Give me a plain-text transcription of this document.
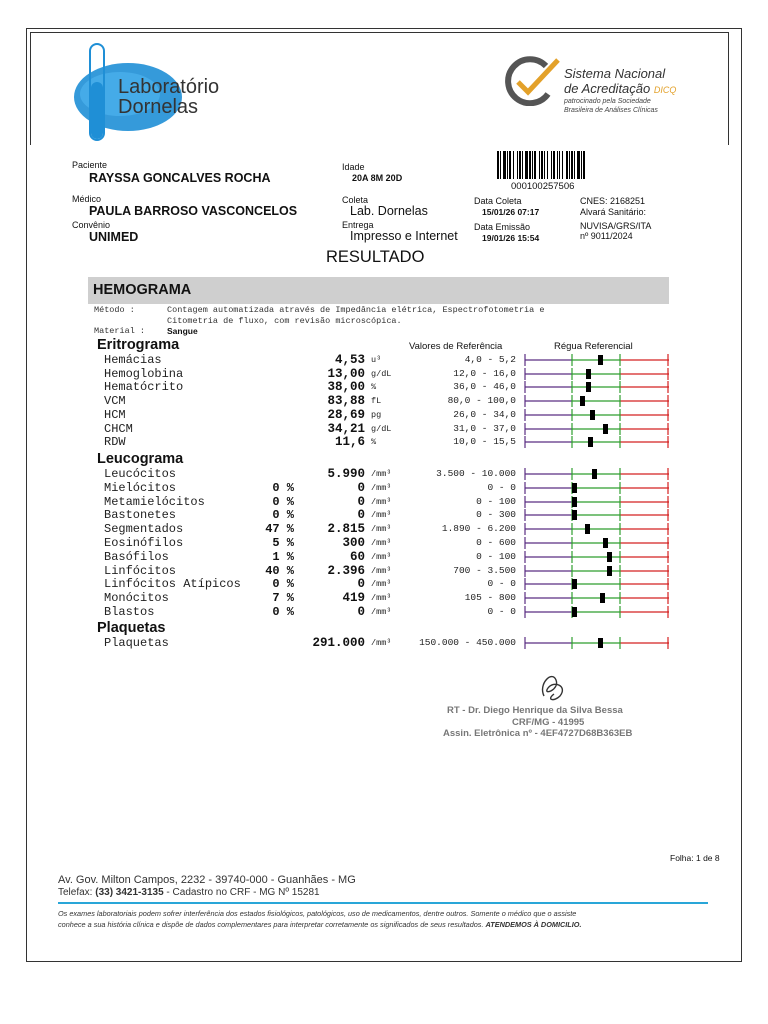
Laboratório
Dornelas
Sistema Nacional
de Acreditação DICQ
patrocinado pela Sociedade
Brasileira de Análises Clínicas
Paciente
RAYSSA GONCALVES ROCHA
Idade
20A 8M 20D
000100257506
Médico
PAULA BARROSO VASCONCELOS
Coleta
Lab. Dornelas
Data Coleta
15/01/26 07:17
CNES: 2168251
Alvará Sanitário:
Convênio
UNIMED
Entrega
Impresso e Internet
Data Emissão
19/01/26 15:54
NUVISA/GRS/ITA
nº 9011/2024
RESULTADO
HEMOGRAMA
Método :	Contagem automatizada através de Impedância elétrica, Espectrofotometria e
Citometria de fluxo, com revisão microscópica.
Material :	Sangue
Eritrograma	Valores de Referência	Régua Referencial
Hemácias	4,53 u³	4,0 - 5,2
Hemoglobina	13,00 g/dL	12,0 - 16,0
Hematócrito	38,00 %	36,0 - 46,0
VCM	83,88 fL	80,0 - 100,0
HCM	28,69 pg	26,0 - 34,0
CHCM	34,21 g/dL	31,0 - 37,0
RDW	11,6 %	10,0 - 15,5
Leucograma
Leucócitos	5.990 /mm³	3.500 - 10.000
Mielócitos	0 %	0 /mm³	0 - 0
Metamielócitos	0 %	0 /mm³	0 - 100
Bastonetes	0 %	0 /mm³	0 - 300
Segmentados	47 %	2.815 /mm³	1.890 - 6.200
Eosinófilos	5 %	300 /mm³	0 - 600
Basófilos	1 %	60 /mm³	0 - 100
Linfócitos	40 %	2.396 /mm³	700 - 3.500
Linfócitos Atípicos	0 %	0 /mm³	0 - 0
Monócitos	7 %	419 /mm³	105 - 800
Blastos	0 %	0 /mm³	0 - 0
Plaquetas
Plaquetas	291.000 /mm³	150.000 - 450.000
RT - Dr. Diego Henrique da Silva Bessa
CRF/MG - 41995
Assin. Eletrônica nº - 4EF4727D68B363EB
Folha: 1 de 8
Av. Gov. Milton Campos, 2232 - 39740-000 - Guanhães - MG
Telefax: (33) 3421-3135 - Cadastro no CRF - MG Nº 15281
Os exames laboratoriais podem sofrer interferência dos estados fisiológicos, patológicos, uso de medicamentos, dentre outros. Somente o médico que o assiste
conhece a sua história clínica e dispõe de dados complementares para interpretar corretamente os significados de seus resultados. ATENDEMOS À DOMICILIO.
